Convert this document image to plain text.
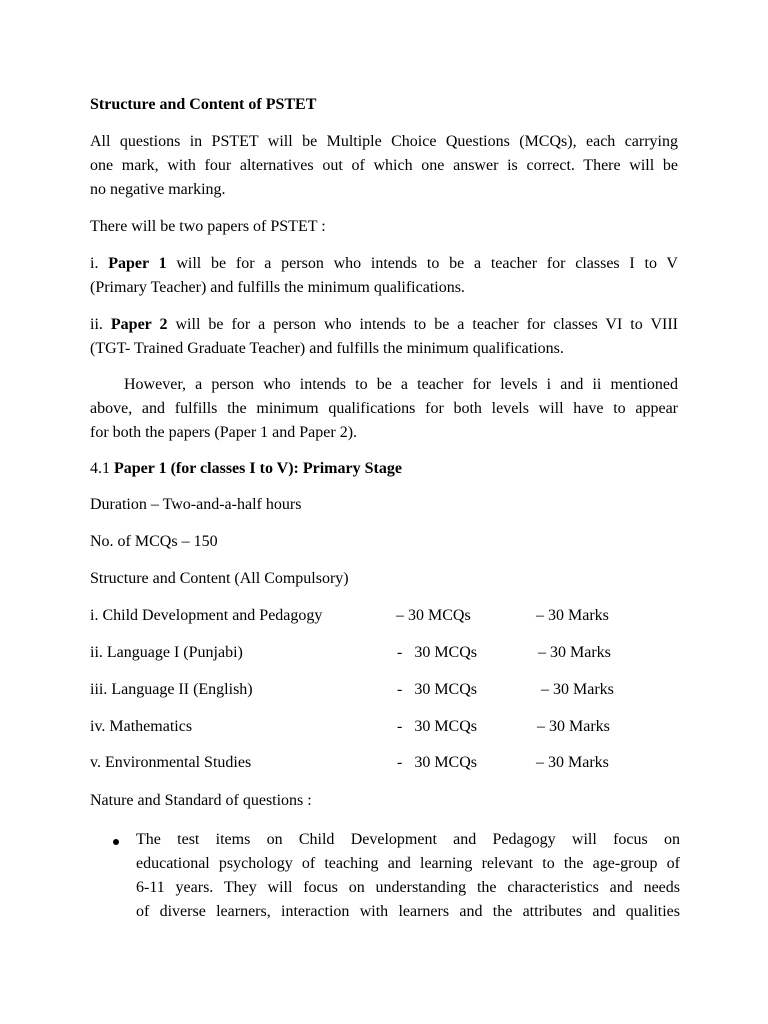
Structure and Content of PSTET
All questions in PSTET will be Multiple Choice Questions (MCQs), each carrying
one mark, with four alternatives out of which one answer is correct. There will be
no negative marking.
There will be two papers of PSTET :
i. Paper 1 will be for a person who intends to be a teacher for classes I to V
(Primary Teacher) and fulfills the minimum qualifications.
ii. Paper 2 will be for a person who intends to be a teacher for classes VI to VIII
(TGT- Trained Graduate Teacher) and fulfills the minimum qualifications.
However, a person who intends to be a teacher for levels i and ii mentioned
above, and fulfills the minimum qualifications for both levels will have to appear
for both the papers (Paper 1 and Paper 2).
4.1 Paper 1 (for classes I to V): Primary Stage
Duration – Two-and-a-half hours
No. of MCQs – 150
Structure and Content (All Compulsory)
i. Child Development and Pedagogy	– 30 MCQs	– 30 Marks
ii. Language I (Punjabi)	-   30 MCQs	– 30 Marks
iii. Language II (English)	-   30 MCQs	– 30 Marks
iv. Mathematics	-   30 MCQs	– 30 Marks
v. Environmental Studies	-   30 MCQs	– 30 Marks
Nature and Standard of questions :
The test items on Child Development and Pedagogy will focus on
educational psychology of teaching and learning relevant to the age-group of
6-11 years. They will focus on understanding the characteristics and needs
of diverse learners, interaction with learners and the attributes and qualities
